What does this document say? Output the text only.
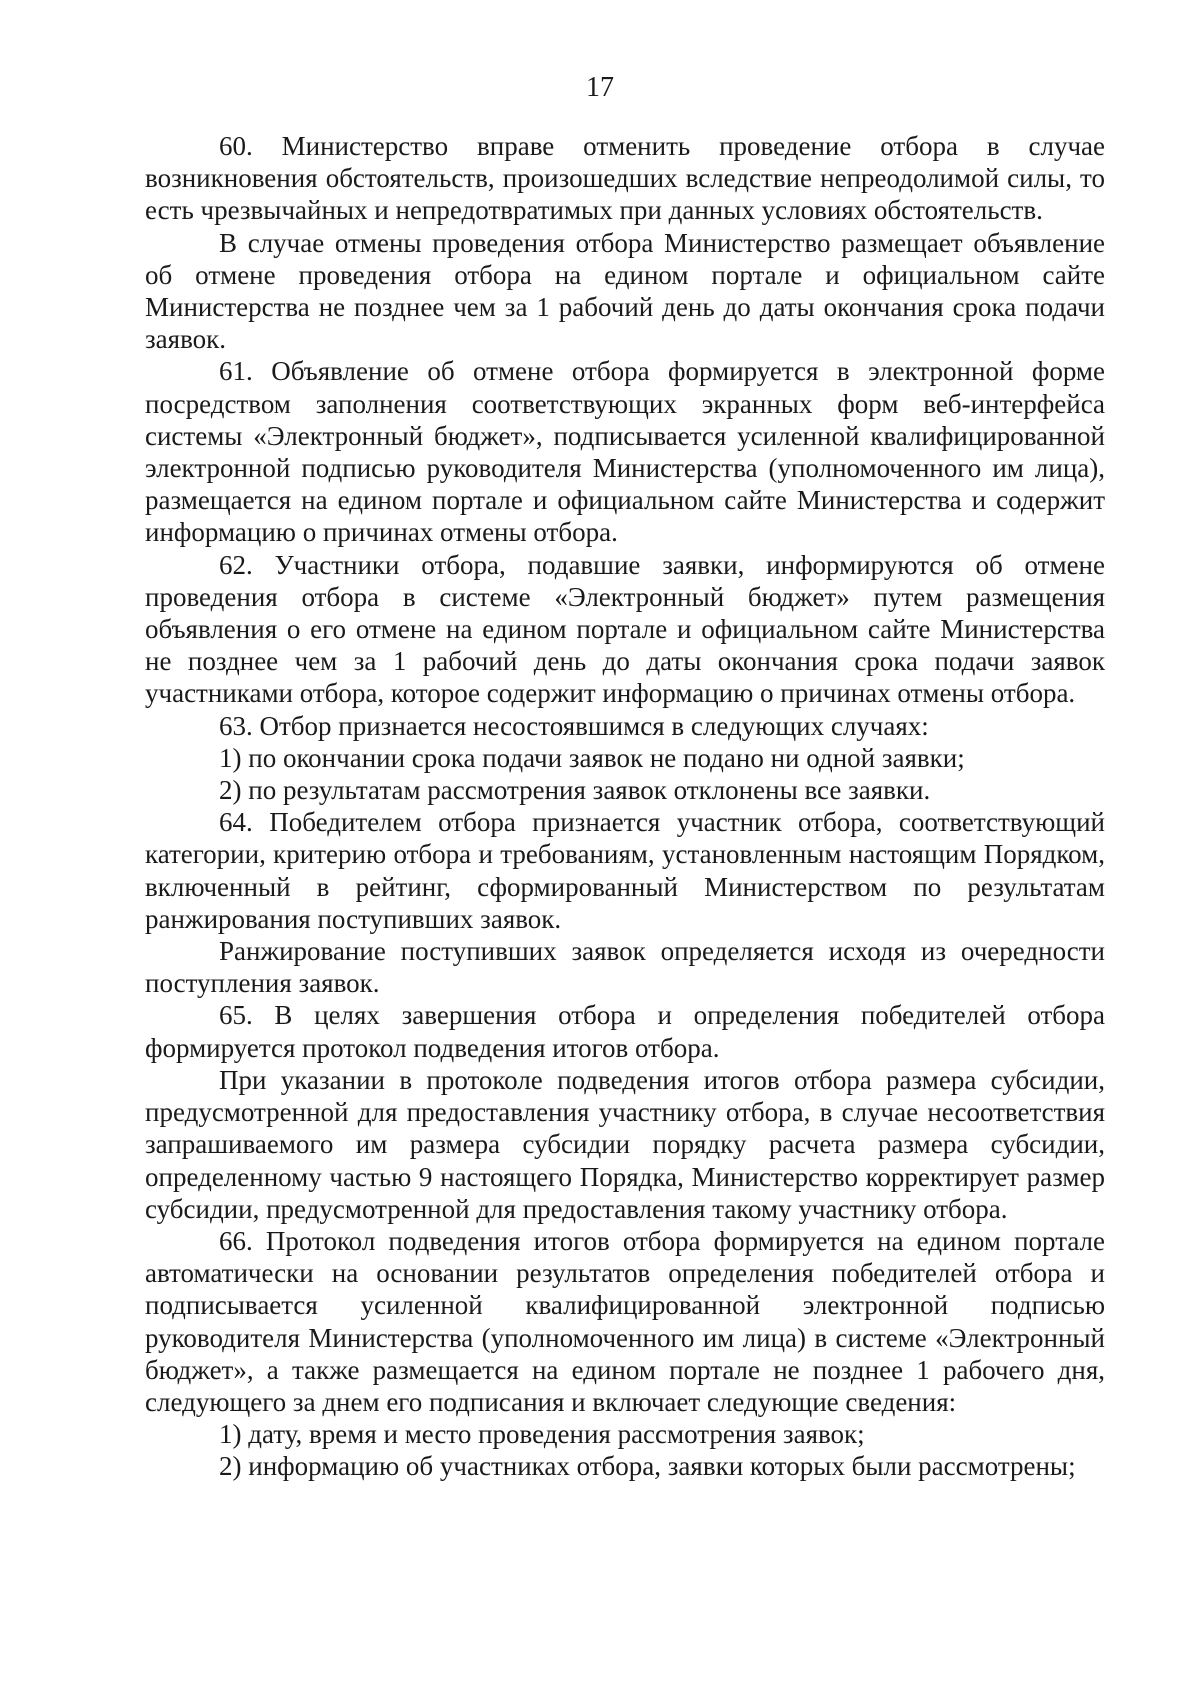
17

60. Министерство вправе отменить проведение отбора в случае возникновения обстоятельств, произошедших вследствие непреодолимой силы, то есть чрезвычайных и непредотвратимых при данных условиях обстоятельств.

В случае отмены проведения отбора Министерство размещает объявление об отмене проведения отбора на едином портале и официальном сайте Министерства не позднее чем за 1 рабочий день до даты окончания срока подачи заявок.

61. Объявление об отмене отбора формируется в электронной форме посредством заполнения соответствующих экранных форм веб-интерфейса системы «Электронный бюджет», подписывается усиленной квалифицированной электронной подписью руководителя Министерства (уполномоченного им лица), размещается на едином портале и официальном сайте Министерства и содержит информацию о причинах отмены отбора.

62. Участники отбора, подавшие заявки, информируются об отмене проведения отбора в системе «Электронный бюджет» путем размещения объявления о его отмене на едином портале и официальном сайте Министерства не позднее чем за 1 рабочий день до даты окончания срока подачи заявок участниками отбора, которое содержит информацию о причинах отмены отбора.

63. Отбор признается несостоявшимся в следующих случаях:

1) по окончании срока подачи заявок не подано ни одной заявки;

2) по результатам рассмотрения заявок отклонены все заявки.

64. Победителем отбора признается участник отбора, соответствующий категории, критерию отбора и требованиям, установленным настоящим Порядком, включенный в рейтинг, сформированный Министерством по результатам ранжирования поступивших заявок.

Ранжирование поступивших заявок определяется исходя из очередности поступления заявок.

65. В целях завершения отбора и определения победителей отбора формируется протокол подведения итогов отбора.

При указании в протоколе подведения итогов отбора размера субсидии, предусмотренной для предоставления участнику отбора, в случае несоответствия запрашиваемого им размера субсидии порядку расчета размера субсидии, определенному частью 9 настоящего Порядка, Министерство корректирует размер субсидии, предусмотренной для предоставления такому участнику отбора.

66. Протокол подведения итогов отбора формируется на едином портале автоматически на основании результатов определения победителей отбора и подписывается усиленной квалифицированной электронной подписью руководителя Министерства (уполномоченного им лица) в системе «Электронный бюджет», а также размещается на едином портале не позднее 1 рабочего дня, следующего за днем его подписания и включает следующие сведения:

1) дату, время и место проведения рассмотрения заявок;

2) информацию об участниках отбора, заявки которых были рассмотрены;
